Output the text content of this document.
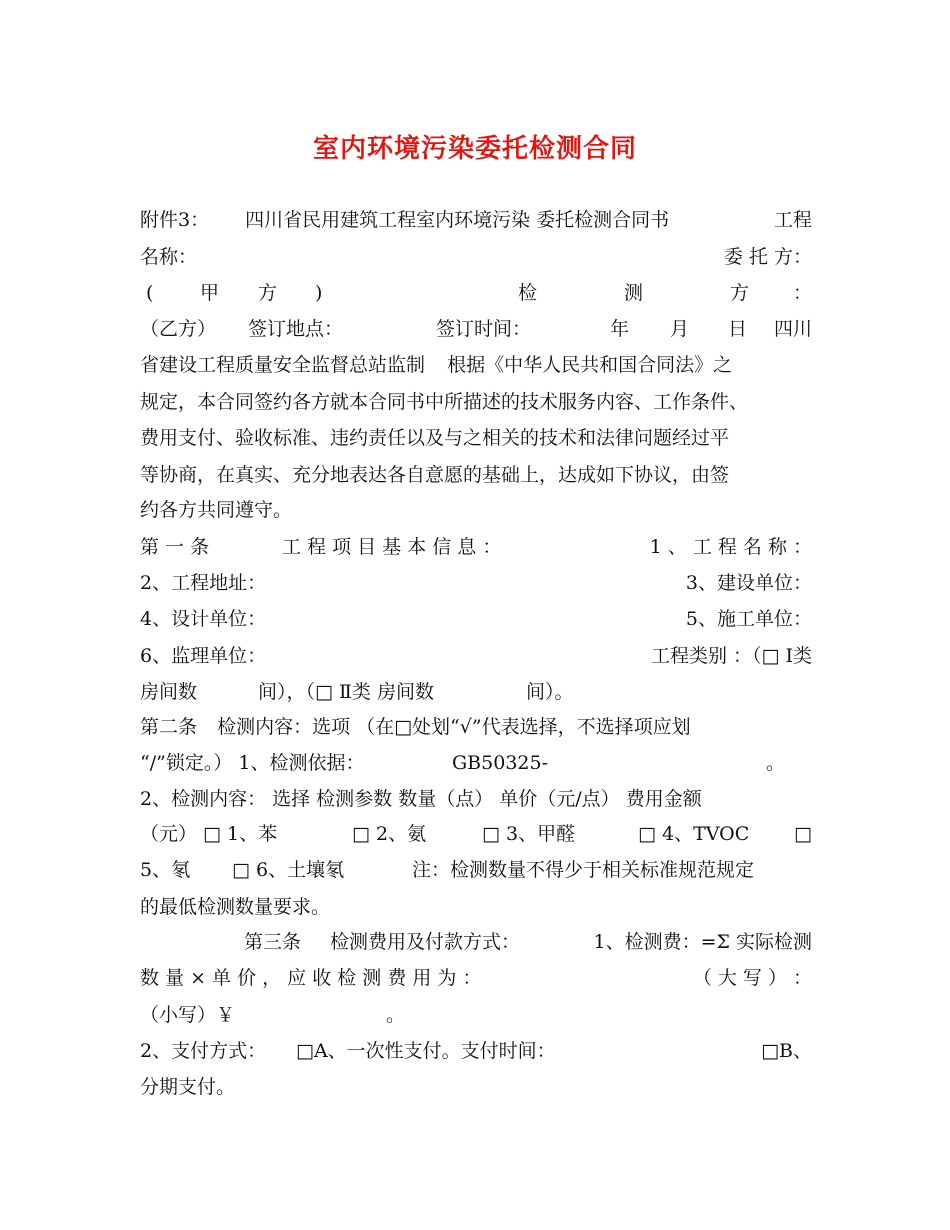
室内环境污染委托检测合同
附件3： 四川省民用建筑工程室内环境污染 委托检测合同书	工程
名称：	委 托 方：
( 甲 方 )	检	测	方 ：
（乙方） 签订地点：	签订时间：	年 月 日 四川
省建设工程质量安全监督总站监制 根据《中华人民共和国合同法》之
规定，本合同签约各方就本合同书中所描述的技术服务内容、工作条件、
费用支付、验收标准、违约责任以及与之相关的技术和法律问题经过平
等协商，在真实、充分地表达各自意愿的基础上，达成如下协议，由签
约各方共同遵守。
第 一 条	工 程 项 目 基 本 信 息 ：	1 、 工 程 名 称 ：
2、工程地址：	3、建设单位：
4、设计单位：	5、施工单位：
6、监理单位：	工程类别 ：（□ Ⅰ类
房间数	间），（□ Ⅱ类 房间数	间）。
第二条 检测内容：选项 （在□处划“√”代表选择，不选择项应划
“/”锁定。） 1、检测依据：	GB50325-	。
2、检测内容： 选择 检测参数 数量（点） 单价（元/点） 费用金额
（元） □ 1、苯	□ 2、氨	□ 3、甲醛	□ 4、TVOC □
5、氡 □ 6、土壤氡	注：检测数量不得少于相关标准规范规定
的最低检测数量要求。
第三条 检测费用及付款方式：	1、检测费：=Σ 实际检测
数 量 × 单 价 ， 应 收 检 测 费 用 为 ：	（ 大 写 ） ：
（小写）￥	。
2、支付方式： □A、一次性支付。支付时间：	□B、
分期支付。
